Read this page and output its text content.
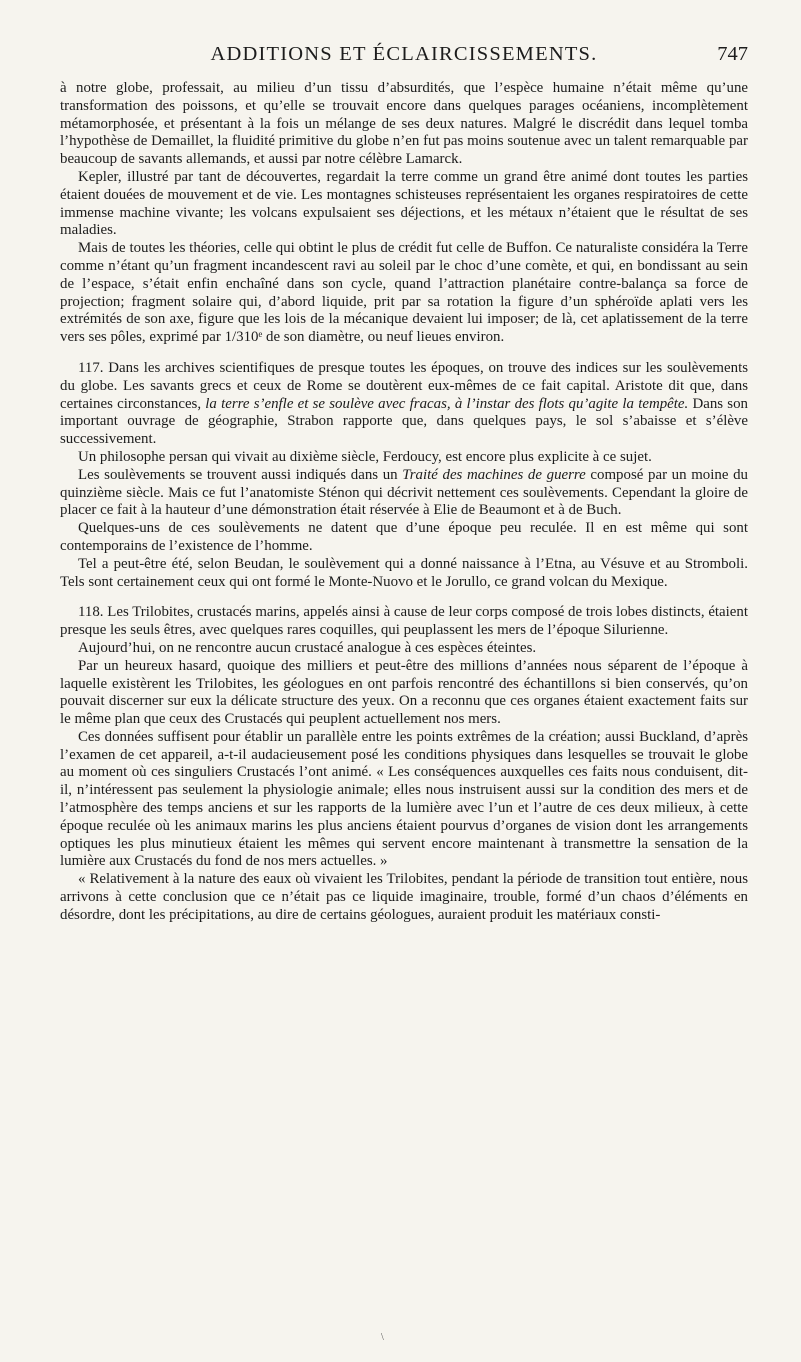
ADDITIONS ET ÉCLAIRCISSEMENTS.	747

à notre globe, professait, au milieu d’un tissu d’absurdités, que l’espèce humaine n’était même qu’une transformation des poissons, et qu’elle se trouvait encore dans quelques parages océaniens, incomplètement métamorphosée, et présentant à la fois un mélange de ses deux natures. Malgré le discrédit dans lequel tomba l’hypothèse de Demaillet, la fluidité primitive du globe n’en fut pas moins soutenue avec un talent remarquable par beaucoup de savants allemands, et aussi par notre célèbre Lamarck.

Kepler, illustré par tant de découvertes, regardait la terre comme un grand être animé dont toutes les parties étaient douées de mouvement et de vie. Les montagnes schisteuses représentaient les organes respiratoires de cette immense machine vivante; les volcans expulsaient ses déjections, et les métaux n’étaient que le résultat de ses maladies.

Mais de toutes les théories, celle qui obtint le plus de crédit fut celle de Buffon. Ce naturaliste considéra la Terre comme n’étant qu’un fragment incandescent ravi au soleil par le choc d’une comète, et qui, en bondissant au sein de l’espace, s’était enfin enchaîné dans son cycle, quand l’attraction planétaire contre-balança sa force de projection; fragment solaire qui, d’abord liquide, prit par sa rotation la figure d’un sphéroïde aplati vers les extrémités de son axe, figure que les lois de la mécanique devaient lui imposer; de là, cet aplatissement de la terre vers ses pôles, exprimé par 1/310ᵉ de son diamètre, ou neuf lieues environ.

117. Dans les archives scientifiques de presque toutes les époques, on trouve des indices sur les soulèvements du globe. Les savants grecs et ceux de Rome se doutèrent eux-mêmes de ce fait capital. Aristote dit que, dans certaines circonstances, la terre s’enfle et se soulève avec fracas, à l’instar des flots qu’agite la tempête. Dans son important ouvrage de géographie, Strabon rapporte que, dans quelques pays, le sol s’abaisse et s’élève successivement.

Un philosophe persan qui vivait au dixième siècle, Ferdoucy, est encore plus explicite à ce sujet.

Les soulèvements se trouvent aussi indiqués dans un Traité des machines de guerre composé par un moine du quinzième siècle. Mais ce fut l’anatomiste Sténon qui décrivit nettement ces soulèvements. Cependant la gloire de placer ce fait à la hauteur d’une démonstration était réservée à Elie de Beaumont et à de Buch.

Quelques-uns de ces soulèvements ne datent que d’une époque peu reculée. Il en est même qui sont contemporains de l’existence de l’homme.

Tel a peut-être été, selon Beudan, le soulèvement qui a donné naissance à l’Etna, au Vésuve et au Stromboli. Tels sont certainement ceux qui ont formé le Monte-Nuovo et le Jorullo, ce grand volcan du Mexique.

118. Les Trilobites, crustacés marins, appelés ainsi à cause de leur corps composé de trois lobes distincts, étaient presque les seuls êtres, avec quelques rares coquilles, qui peuplassent les mers de l’époque Silurienne.

Aujourd’hui, on ne rencontre aucun crustacé analogue à ces espèces éteintes.

Par un heureux hasard, quoique des milliers et peut-être des millions d’années nous séparent de l’époque à laquelle existèrent les Trilobites, les géologues en ont parfois rencontré des échantillons si bien conservés, qu’on pouvait discerner sur eux la délicate structure des yeux. On a reconnu que ces organes étaient exactement faits sur le même plan que ceux des Crustacés qui peuplent actuellement nos mers.

Ces données suffisent pour établir un parallèle entre les points extrêmes de la création; aussi Buckland, d’après l’examen de cet appareil, a-t-il audacieusement posé les conditions physiques dans lesquelles se trouvait le globe au moment où ces singuliers Crustacés l’ont animé. « Les conséquences auxquelles ces faits nous conduisent, dit-il, n’intéressent pas seulement la physiologie animale; elles nous instruisent aussi sur la condition des mers et de l’atmosphère des temps anciens et sur les rapports de la lumière avec l’un et l’autre de ces deux milieux, à cette époque reculée où les animaux marins les plus anciens étaient pourvus d’organes de vision dont les arrangements optiques les plus minutieux étaient les mêmes qui servent encore maintenant à transmettre la sensation de la lumière aux Crustacés du fond de nos mers actuelles. »

« Relativement à la nature des eaux où vivaient les Trilobites, pendant la période de transition tout entière, nous arrivons à cette conclusion que ce n’était pas ce liquide imaginaire, trouble, formé d’un chaos d’éléments en désordre, dont les précipitations, au dire de certains géologues, auraient produit les matériaux consti-

\
